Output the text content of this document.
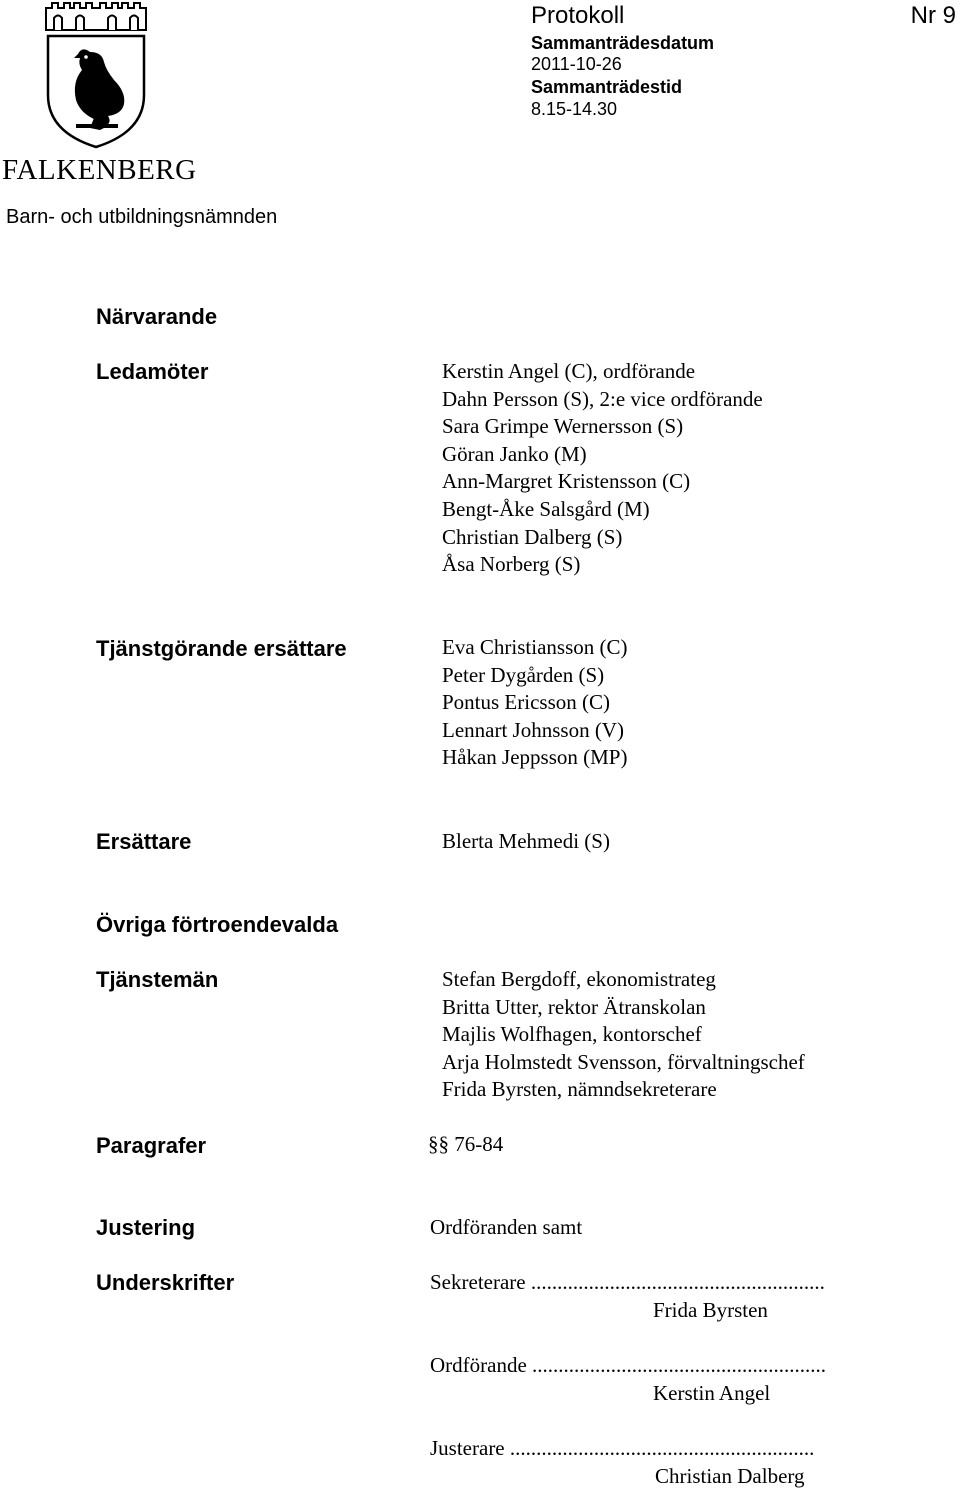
FALKENBERG
Barn- och utbildningsnämnden
Protokoll	Nr 9
Sammanträdesdatum
2011-10-26
Sammanträdestid
8.15-14.30
Närvarande
Ledamöter	Kerstin Angel (C), ordförande
Dahn Persson (S), 2:e vice ordförande
Sara Grimpe Wernersson (S)
Göran Janko (M)
Ann-Margret Kristensson (C)
Bengt-Åke Salsgård (M)
Christian Dalberg (S)
Åsa Norberg (S)
Tjänstgörande ersättare	Eva Christiansson (C)
Peter Dygården (S)
Pontus Ericsson (C)
Lennart Johnsson (V)
Håkan Jeppsson (MP)
Ersättare	Blerta Mehmedi (S)
Övriga förtroendevalda
Tjänstemän	Stefan Bergdoff, ekonomistrateg
Britta Utter, rektor Ätranskolan
Majlis Wolfhagen, kontorschef
Arja Holmstedt Svensson, förvaltningschef
Frida Byrsten, nämndsekreterare
Paragrafer	§§ 76-84
Justering	Ordföranden samt
Underskrifter	Sekreterare ........................................................
Frida Byrsten
Ordförande ........................................................
Kerstin Angel
Justerare ..........................................................
Christian Dalberg
